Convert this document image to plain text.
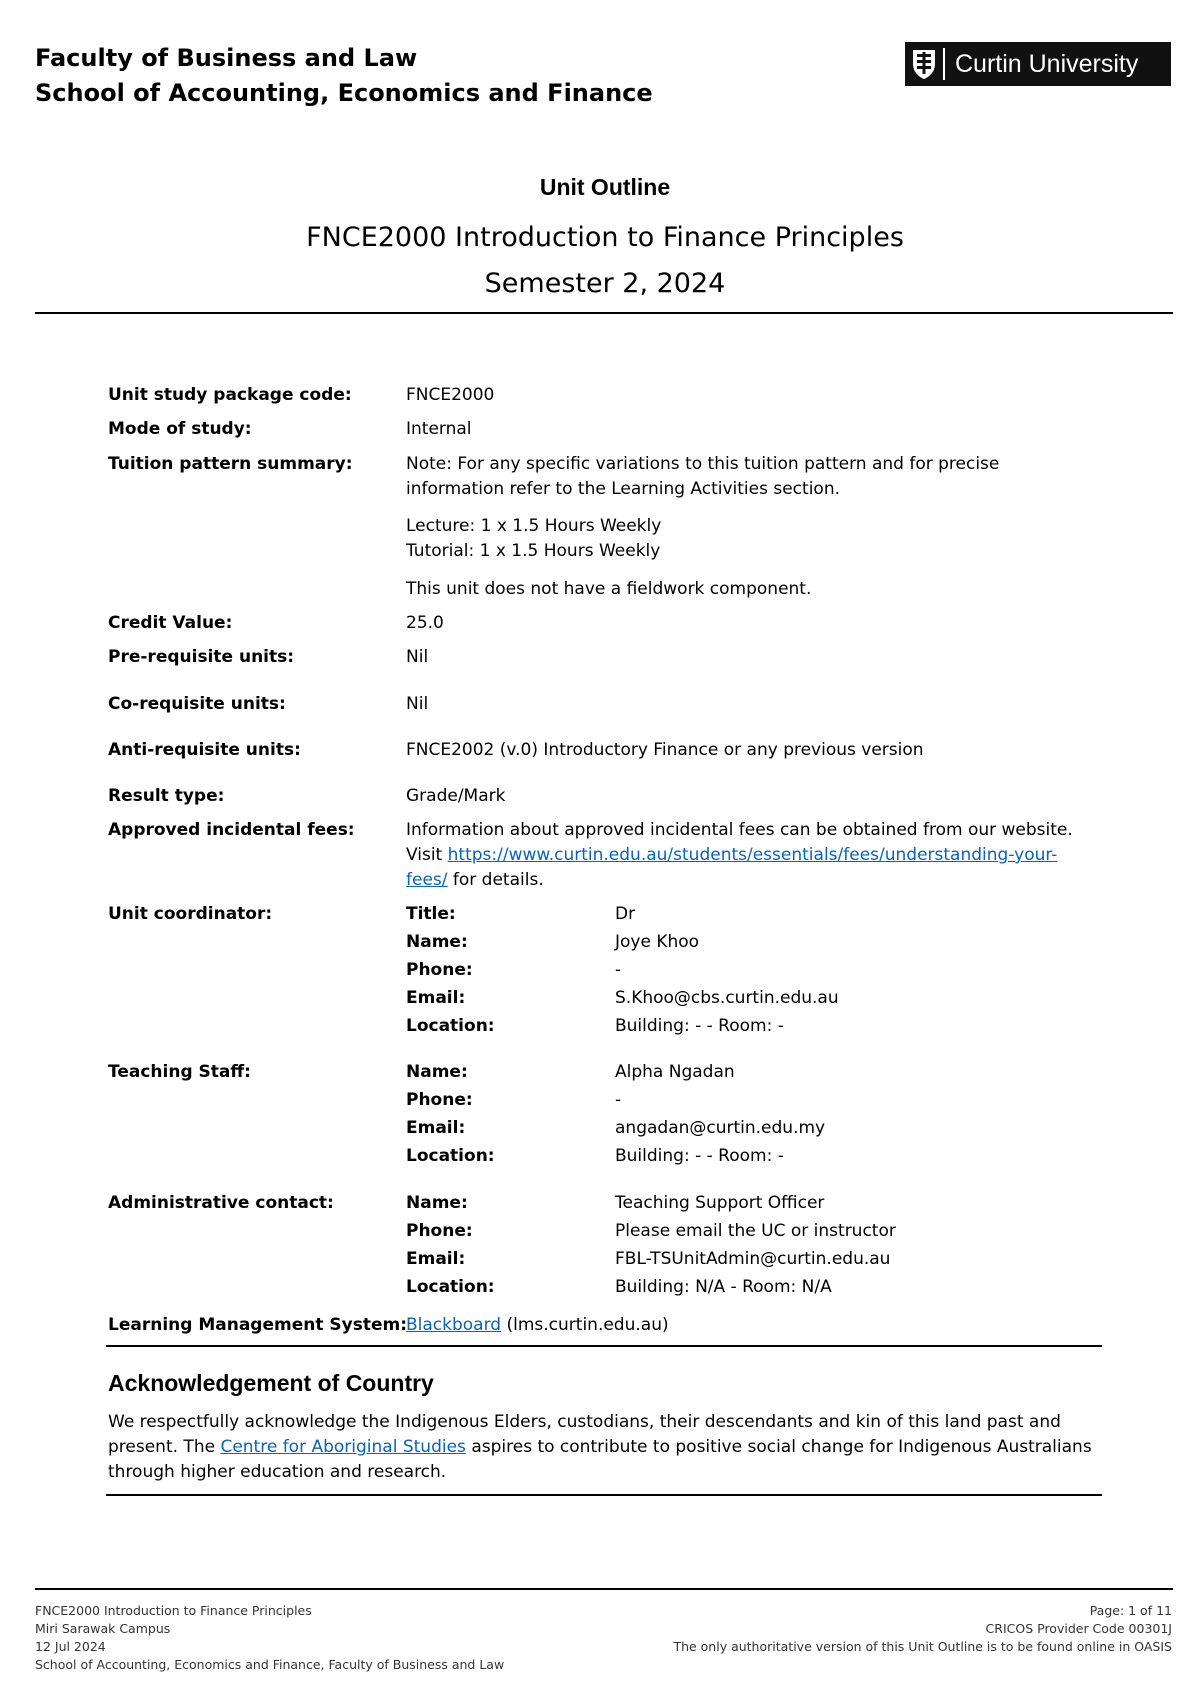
Faculty of Business and Law
School of Accounting, Economics and Finance
Curtin University
Unit Outline
FNCE2000 Introduction to Finance Principles
Semester 2, 2024
Unit study package code:	FNCE2000
Mode of study:	Internal
Tuition pattern summary:	Note: For any specific variations to this tuition pattern and for precise
information refer to the Learning Activities section.
Lecture: 1 x 1.5 Hours Weekly
Tutorial: 1 x 1.5 Hours Weekly
This unit does not have a fieldwork component.
Credit Value:	25.0
Pre-requisite units:	Nil
Co-requisite units:	Nil
Anti-requisite units:	FNCE2002 (v.0) Introductory Finance or any previous version
Result type:	Grade/Mark
Approved incidental fees:	Information about approved incidental fees can be obtained from our website.
Visit https://www.curtin.edu.au/students/essentials/fees/understanding-your-
fees/ for details.
Unit coordinator:	Title:	Dr
Name:	Joye Khoo
Phone:	-
Email:	S.Khoo@cbs.curtin.edu.au
Location:	Building: - - Room: -
Teaching Staff:	Name:	Alpha Ngadan
Phone:	-
Email:	angadan@curtin.edu.my
Location:	Building: - - Room: -
Administrative contact:	Name:	Teaching Support Officer
Phone:	Please email the UC or instructor
Email:	FBL-TSUnitAdmin@curtin.edu.au
Location:	Building: N/A - Room: N/A
Learning Management System:
Blackboard (lms.curtin.edu.au)
Acknowledgement of Country
We respectfully acknowledge the Indigenous Elders, custodians, their descendants and kin of this land past and present. The Centre for Aboriginal Studies aspires to contribute to positive social change for Indigenous Australians through higher education and research.
FNCE2000 Introduction to Finance Principles
Miri Sarawak Campus
12 Jul 2024
School of Accounting, Economics and Finance, Faculty of Business and Law
Page: 1 of 11
CRICOS Provider Code 00301J
The only authoritative version of this Unit Outline is to be found online in OASIS
